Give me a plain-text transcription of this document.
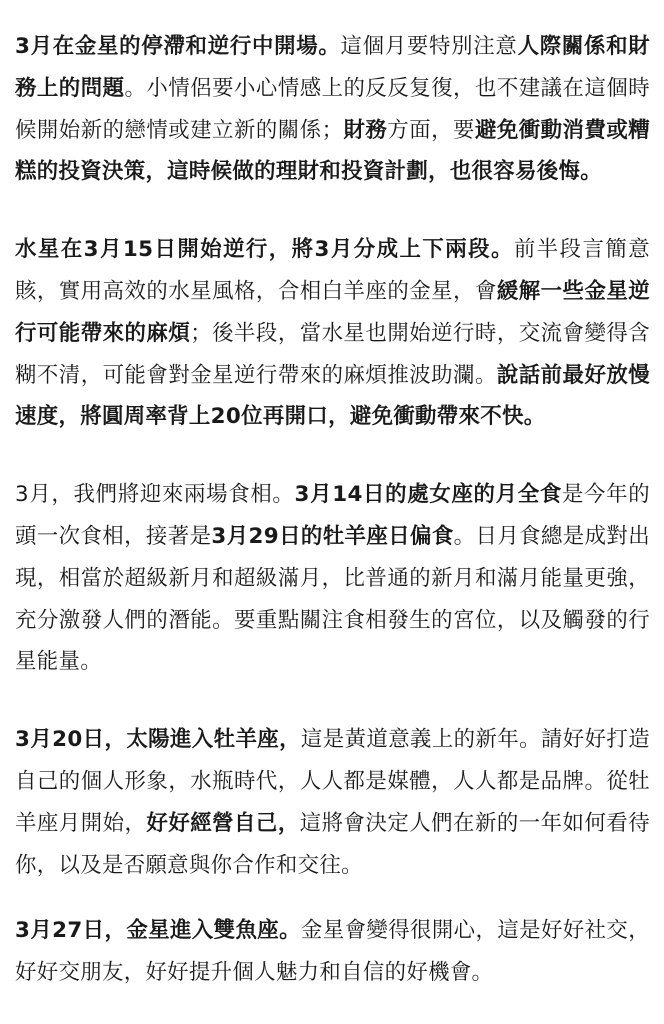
3月在金星的停滯和逆行中開場。這個月要特別注意人際關係和財務上的問題。小情侶要小心情感上的反反复復，也不建議在這個時候開始新的戀情或建立新的關係；財務方面，要避免衝動消費或糟糕的投資決策，這時候做的理財和投資計劃，也很容易後悔。

水星在3月15日開始逆行，將3月分成上下兩段。前半段言簡意賅，實用高效的水星風格，合相白羊座的金星，會緩解一些金星逆行可能帶來的麻煩；後半段，當水星也開始逆行時，交流會變得含糊不清，可能會對金星逆行帶來的麻煩推波助瀾。說話前最好放慢速度，將圓周率背上20位再開口，避免衝動帶來不快。

3月，我們將迎來兩場食相。3月14日的處女座的月全食是今年的頭一次食相，接著是3月29日的牡羊座日偏食。日月食總是成對出現，相當於超級新月和超級滿月，比普通的新月和滿月能量更強，充分激發人們的潛能。要重點關注食相發生的宮位，以及觸發的行星能量。

3月20日，太陽進入牡羊座，這是黃道意義上的新年。請好好打造自己的個人形象，水瓶時代，人人都是媒體，人人都是品牌。從牡羊座月開始，好好經營自己，這將會決定人們在新的一年如何看待你，以及是否願意與你合作和交往。

3月27日，金星進入雙魚座。金星會變得很開心，這是好好社交，好好交朋友，好好提升個人魅力和自信的好機會。
